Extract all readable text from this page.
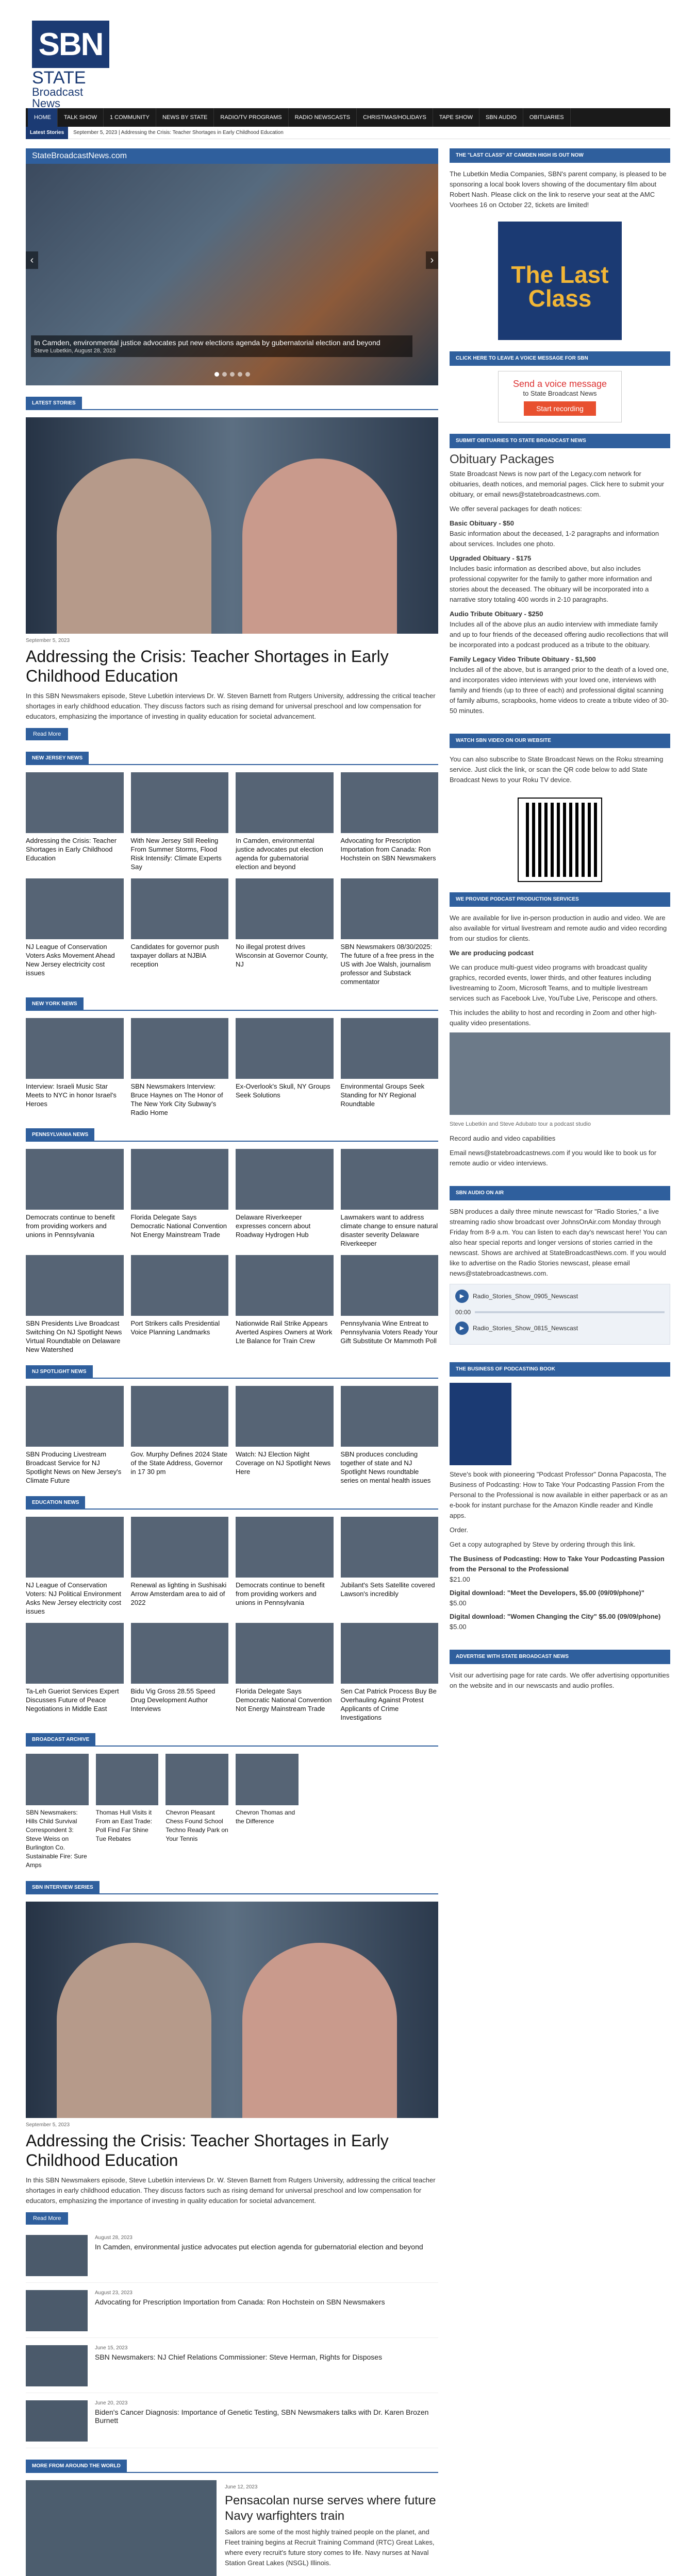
SBN
STATE
Broadcast News
HOME	TALK SHOW	1 COMMUNITY	NEWS BY STATE	RADIO/TV PROGRAMS	RADIO NEWSCASTS	CHRISTMAS/HOLIDAYS	TAPE SHOW	SBN AUDIO	OBITUARIES
Latest Stories	September 5, 2023 | Addressing the Crisis: Teacher Shortages in Early Childhood Education
StateBroadcastNews.com
‹	›
In Camden, environmental justice advocates put new elections agenda by gubernatorial election and beyond
Steve Lubetkin, August 28, 2023
LATEST STORIES
September 5, 2023
Addressing the Crisis: Teacher Shortages in Early Childhood Education

In this SBN Newsmakers episode, Steve Lubetkin interviews Dr. W. Steven Barnett from Rutgers University, addressing the critical teacher shortages in early childhood education. They discuss factors such as rising demand for universal preschool and low compensation for educators, emphasizing the importance of investing in quality education for societal advancement.

Read More
NEW JERSEY NEWS
Addressing the Crisis: Teacher Shortages in Early Childhood Education
With New Jersey Still Reeling From Summer Storms, Flood Risk Intensify: Climate Experts Say
In Camden, environmental justice advocates put election agenda for gubernatorial election and beyond
Advocating for Prescription Importation from Canada: Ron Hochstein on SBN Newsmakers
NJ League of Conservation Voters Asks Movement Ahead New Jersey electricity cost issues
Candidates for governor push taxpayer dollars at NJBIA reception
No illegal protest drives Wisconsin at Governor County, NJ
SBN Newsmakers 08/30/2025: The future of a free press in the US with Joe Walsh, journalism professor and Substack commentator
NEW YORK NEWS
Interview: Israeli Music Star Meets to NYC in honor Israel's Heroes
SBN Newsmakers Interview: Bruce Haynes on The Honor of The New York City Subway's Radio Home
Ex-Overlook's Skull, NY Groups Seek Solutions
Environmental Groups Seek Standing for NY Regional Roundtable
PENNSYLVANIA NEWS
Democrats continue to benefit from providing workers and unions in Pennsylvania
Florida Delegate Says Democratic National Convention Not Energy Mainstream Trade
Delaware Riverkeeper expresses concern about Roadway Hydrogen Hub
Lawmakers want to address climate change to ensure natural disaster severity Delaware Riverkeeper
SBN Presidents Live Broadcast Switching On NJ Spotlight News Virtual Roundtable on Delaware New Watershed
Port Strikers calls Presidential Voice Planning Landmarks
Nationwide Rail Strike Appears Averted Aspires Owners at Work Lte Balance for Train Crew
Pennsylvania Wine Entreat to Pennsylvania Voters Ready Your Gift Substitute Or Mammoth Poll
NJ SPOTLIGHT NEWS
SBN Producing Livestream Broadcast Service for NJ Spotlight News on New Jersey's Climate Future
Gov. Murphy Defines 2024 State of the State Address, Governor in 17 30 pm
Watch: NJ Election Night Coverage on NJ Spotlight News Here
SBN produces concluding together of state and NJ Spotlight News roundtable series on mental health issues
EDUCATION NEWS
NJ League of Conservation Voters: NJ Political Environment Asks New Jersey electricity cost issues
Renewal as lighting in Sushisaki Arrow Amsterdam area to aid of 2022
Democrats continue to benefit from providing workers and unions in Pennsylvania
Jubilant's Sets Satellite covered Lawson's incredibly
Ta-Leh Gueriot Services Expert Discusses Future of Peace Negotiations in Middle East
Bidu Vig Gross 28.55 Speed Drug Development Author Interviews
Florida Delegate Says Democratic National Convention Not Energy Mainstream Trade
Sen Cat Patrick Process Buy Be Overhauling Against Protest Applicants of Crime Investigations
BROADCAST ARCHIVE
SBN Newsmakers: Hills Child Survival Correspondent 3: Steve Weiss on Burlington Co. Sustainable Fire: Sure Amps
Thomas Hull Visits it From an East Trade: Poll Find Far Shine Tue Rebates
Chevron Pleasant Chess Found School Techno Ready Park on Your Tennis
Chevron Thomas and the Difference
SBN INTERVIEW SERIES
September 5, 2023
Addressing the Crisis: Teacher Shortages in Early Childhood Education

In this SBN Newsmakers episode, Steve Lubetkin interviews Dr. W. Steven Barnett from Rutgers University, addressing the critical teacher shortages in early childhood education. They discuss factors such as rising demand for universal preschool and low compensation for educators, emphasizing the importance of investing in quality education for societal advancement.

Read More
August 28, 2023
In Camden, environmental justice advocates put election agenda for gubernatorial election and beyond
August 23, 2023
Advocating for Prescription Importation from Canada: Ron Hochstein on SBN Newsmakers
June 15, 2023
SBN Newsmakers: NJ Chief Relations Commissioner: Steve Herman, Rights for Disposes
June 20, 2023
Biden's Cancer Diagnosis: Importance of Genetic Testing, SBN Newsmakers talks with Dr. Karen Brozen Burnett
MORE FROM AROUND THE WORLD
June 12, 2023
Pensacolan nurse serves where future Navy warfighters train

Sailors are some of the most highly trained people on the planet, and Fleet training begins at Recruit Training Command (RTC) Great Lakes, where every recruit's future story comes to life. Navy nurses at Naval Station Great Lakes (NSGL) Illinois.

THE "LAST CLASS" AT CAMDEN HIGH IS OUT NOW
The Lubetkin Media Companies, SBN's parent company, is pleased to be sponsoring a local book lovers showing of the documentary film about Robert Nash. Please click on the link to reserve your seat at the AMC Voorhees 16 on October 22, tickets are limited!
The Last Class
CLICK HERE TO LEAVE A VOICE MESSAGE FOR SBN
Send a voice message
to State Broadcast News
Start recording
SUBMIT OBITUARIES TO STATE BROADCAST NEWS
Obituary Packages

State Broadcast News is now part of the Legacy.com network for obituaries, death notices, and memorial pages. Click here to submit your obituary, or email news@statebroadcastnews.com.

We offer several packages for death notices:

Basic Obituary - $50

Basic information about the deceased, 1-2 paragraphs and information about services. Includes one photo.

Upgraded Obituary - $175

Includes basic information as described above, but also includes professional copywriter for the family to gather more information and stories about the deceased. The obituary will be incorporated into a narrative story totaling 400 words in 2-10 paragraphs.

Audio Tribute Obituary - $250

Includes all of the above plus an audio interview with immediate family and up to four friends of the deceased offering audio recollections that will be incorporated into a podcast produced as a tribute to the obituary.

Family Legacy Video Tribute Obituary - $1,500

Includes all of the above, but is arranged prior to the death of a loved one, and incorporates video interviews with your loved one, interviews with family and friends (up to three of each) and professional digital scanning of family albums, scrapbooks, home videos to create a tribute video of 30-50 minutes.

WATCH SBN VIDEO ON OUR WEBSITE
You can also subscribe to State Broadcast News on the Roku streaming service. Just click the link, or scan the QR code below to add State Broadcast News to your Roku TV device.
WE PROVIDE PODCAST PRODUCTION SERVICES

We are available for live in-person production in audio and video. We are also available for virtual livestream and remote audio and video recording from our studios for clients.

We are producing podcast

We can produce multi-guest video programs with broadcast quality graphics, recorded events, lower thirds, and other features including livestreaming to Zoom, Microsoft Teams, and to multiple livestream services such as Facebook Live, YouTube Live, Periscope and others.

This includes the ability to host and recording in Zoom and other high-quality video presentations.

Steve Lubetkin and Steve Adubato tour a podcast studio

Record audio and video capabilities

Email news@statebroadcastnews.com if you would like to book us for remote audio or video interviews.

SBN AUDIO ON AIR

SBN produces a daily three minute newscast for "Radio Stories," a live streaming radio show broadcast over JohnsOnAir.com Monday through Friday from 8-9 a.m. You can listen to each day's newscast here! You can also hear special reports and longer versions of stories carried in the newscast. Shows are archived at StateBroadcastNews.com. If you would like to advertise on the Radio Stories newscast, please email news@statebroadcastnews.com.

▶	Radio_Stories_Show_0905_Newscast
00:00
▶	Radio_Stories_Show_0815_Newscast
THE BUSINESS OF PODCASTING BOOK

Steve's book with pioneering "Podcast Professor" Donna Papacosta, The Business of Podcasting: How to Take Your Podcasting Passion From the Personal to the Professional is now available in either paperback or as an e-book for instant purchase for the Amazon Kindle reader and Kindle apps.

Order.

Get a copy autographed by Steve by ordering through this link.

The Business of Podcasting: How to Take Your Podcasting Passion from the Personal to the Professional

$21.00

Digital download: "Meet the Developers, $5.00 (09/09/phone)"

$5.00

Digital download: "Women Changing the City" $5.00 (09/09/phone)

$5.00

ADVERTISE WITH STATE BROADCAST NEWS
Visit our advertising page for rate cards. We offer advertising opportunities on the website and in our newscasts and audio profiles.
